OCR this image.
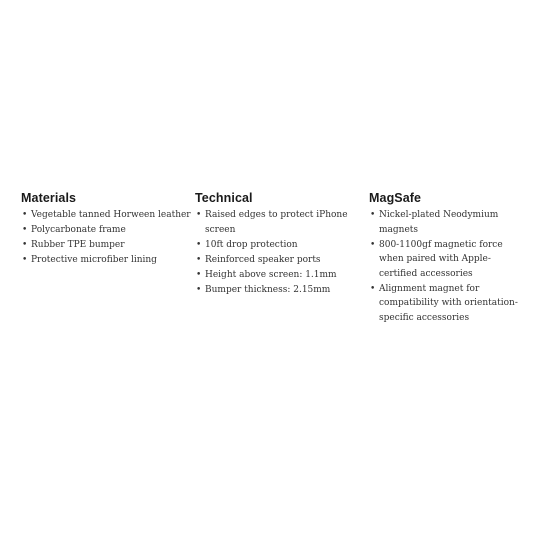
Materials
• Vegetable tanned Horween leather
• Polycarbonate frame
• Rubber TPE bumper
• Protective microfiber lining
Technical
• Raised edges to protect iPhone screen
• 10ft drop protection
• Reinforced speaker ports
• Height above screen: 1.1mm
• Bumper thickness: 2.15mm
MagSafe
• Nickel-plated Neodymium magnets
• 800-1100gf magnetic force when paired with Apple-certified accessories
• Alignment magnet for compatibility with orientation-specific accessories
